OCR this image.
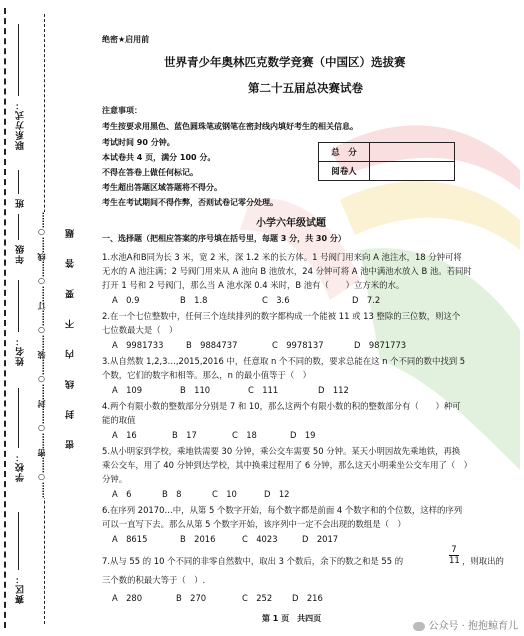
赛区：
学校：
姓名：
年级
班
联系方式：
……○……密……○……封……○……装……○……订……○……线……○…… 密 封 线 内 不 要 答 题
绝密★启用前
世界青少年奥林匹克数学竞赛（中国区）选拔赛
第二十五届总决赛试卷
注意事项：
考生按要求用黑色、蓝色圆珠笔或钢笔在密封线内填好考生的相关信息。
考试时间 90 分钟。
本试卷共 4 页，满分 100 分。
不得在答卷上做任何标记。
考生超出答题区域答题将不得分。
考生在考试期间不得作弊，否则试卷记零分处理。
总　分	
阅卷人	
小学六年级试题
一、选择题（把相应答案的序号填在括号里，每题 3 分，共 30 分）
1.水池A和B同为长 3 米，宽 2 米，深 1.2 米的长方体。1 号阀门用来向 A 池注水，18 分钟可将
无水的 A 池注满；2 号阀门用来从 A 池向 B 池放水，24 分钟可将 A 池中满池水放入 B 池。若同时
打开 1 号和 2 号阀门，那么当 A 池水深 0.4 米时，B 池有（　　）立方米的水。
A　0.9	B　1.8	C　3.6	D　7.2
2.在一个七位整数中，任何三个连续排列的数字都构成一个能被 11 或 13 整除的三位数，则这个
七位数最大是（　）
A　9981733	B　9884737	C　9978137	D　9871773
3.从自然数 1,2,3…,2015,2016 中，任意取 n 个不同的数，要求总能在这 n 个不同的数中找到 5
个数，它们的数字和相等。那么，n 的最小值等于（　）
A　109	B　110	C　111	D　112
4.两个有限小数的整数部分分别是 7 和 10，那么这两个有限小数的积的整数部分有（　　）种可
能的取值
A　16	B　17	C　18	D　19
5.从小明家到学校，乘地铁需要 30 分钟，乘公交车需要 50 分钟。某天小明因故先乘地铁，再换
乘公交车，用了 40 分钟到达学校，其中换乘过程用了 6 分钟，那么这天小明乘坐公交车用了（　）
分钟。
A　6	B　8	C　10	D　12
6.在序列 20170…中，从第 5 个数字开始，每个数字都是前面 4 个数字和的个位数，这样的序列
可以一直写下去。那么从第 5 个数字开始，该序列中一定不会出现的数组是（　）
A　8615	B　2016	C　4023	D　2017
7.从与 55 的 10 个不同的非零自然数中，取出 3 个数后，余下的数之和是 55 的
7
11 ，则取出的
三个数的积最大等于（　）.
A　280	B　270	C　252 D　216
第 1 页　共四页
公众号 · 抱抱鲸育儿
